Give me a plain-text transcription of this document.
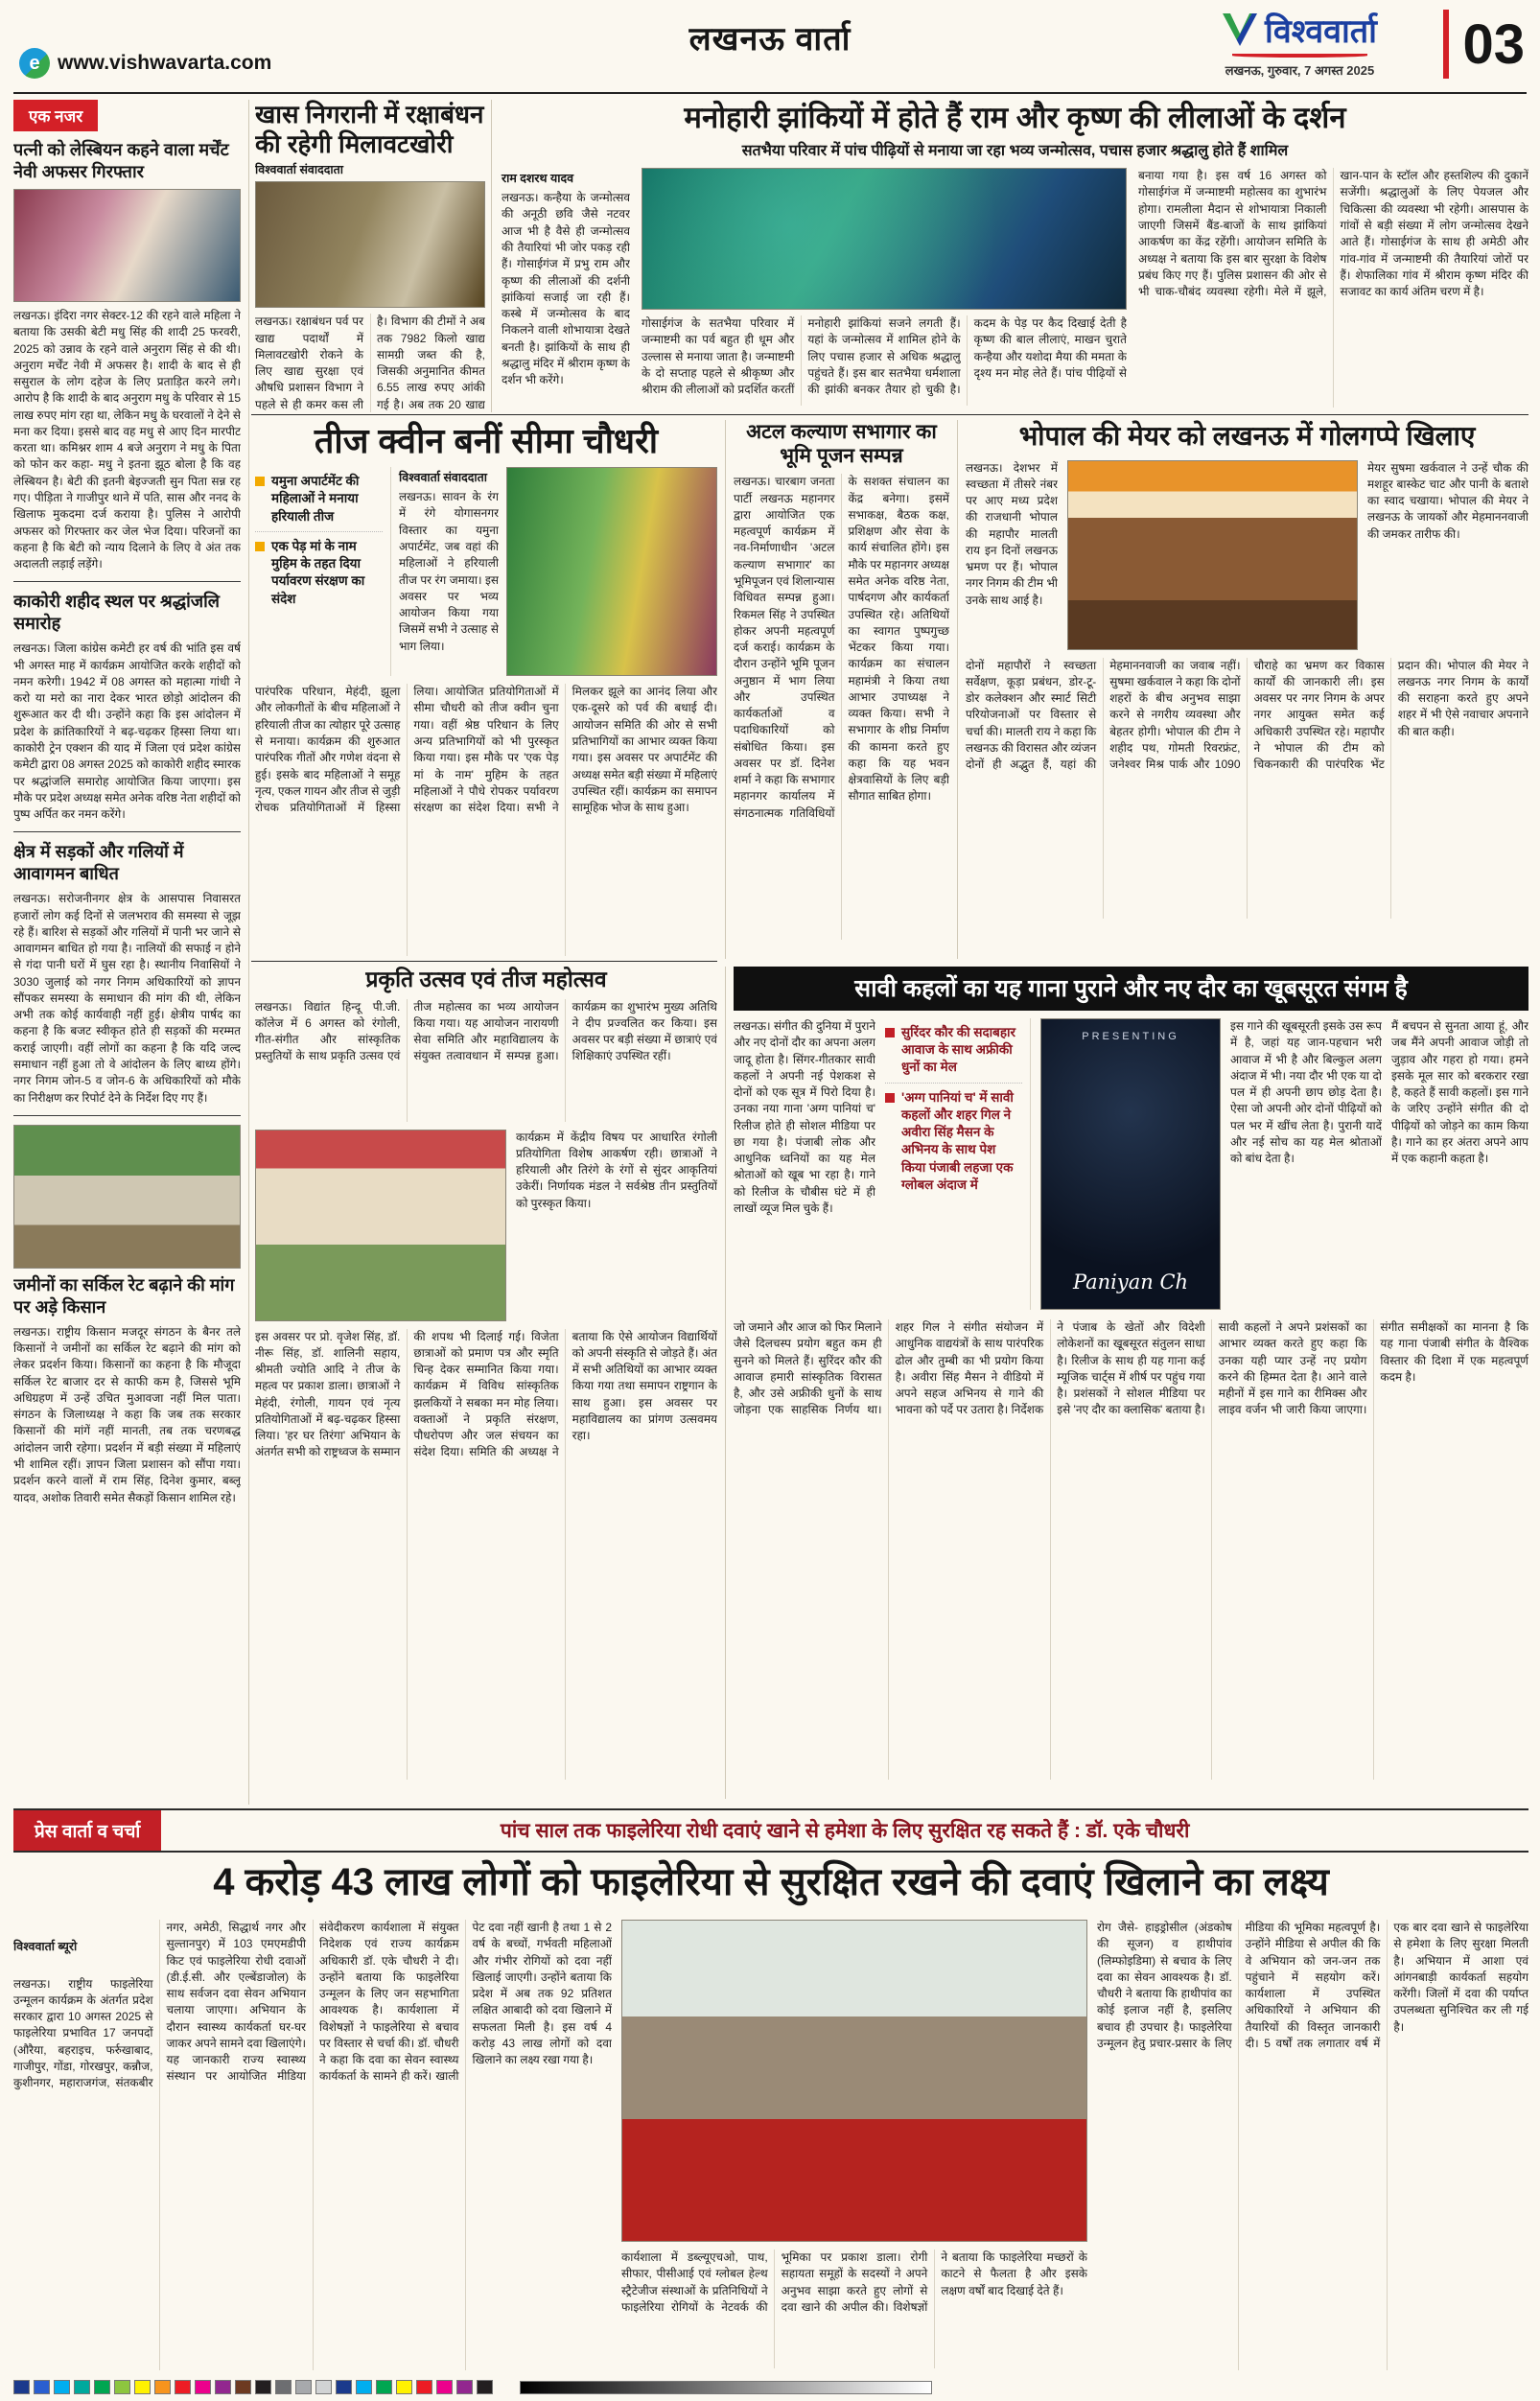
लखनऊ वार्ता
e www.vishwavarta.com
विश्ववार्ता
लखनऊ, गुरुवार, 7 अगस्त 2025	03
एक नजर
पत्नी को लेस्बियन कहने वाला मर्चेंट नेवी अफसर गिरफ्तार

लखनऊ। इंदिरा नगर सेक्टर-12 की रहने वाले महिला ने बताया कि उसकी बेटी मधु सिंह की शादी 25 फरवरी, 2025 को उन्नाव के रहने वाले अनुराग सिंह से की थी। अनुराग मर्चेंट नेवी में अफसर है। शादी के बाद से ही ससुराल के लोग दहेज के लिए प्रताड़ित करने लगे। आरोप है कि शादी के बाद अनुराग मधु के परिवार से 15 लाख रुपए मांग रहा था, लेकिन मधु के घरवालों ने देने से मना कर दिया। इससे बाद वह मधु से आए दिन मारपीट करता था। कमिश्नर शाम 4 बजे अनुराग ने मधु के पिता को फोन कर कहा- मधु ने इतना झूठ बोला है कि वह लेस्बियन है। बेटी की इतनी बेइज्जती सुन पिता सन्न रह गए। पीड़िता ने गाजीपुर थाने में पति, सास और ननद के खिलाफ मुकदमा दर्ज कराया है। पुलिस ने आरोपी अफसर को गिरफ्तार कर जेल भेज दिया। परिजनों का कहना है कि बेटी को न्याय दिलाने के लिए वे अंत तक अदालती लड़ाई लड़ेंगे।

काकोरी शहीद स्थल पर श्रद्धांजलि समारोह

लखनऊ। जिला कांग्रेस कमेटी हर वर्ष की भांति इस वर्ष भी अगस्त माह में कार्यक्रम आयोजित करके शहीदों को नमन करेगी। 1942 में 08 अगस्त को महात्मा गांधी ने करो या मरो का नारा देकर भारत छोड़ो आंदोलन की शुरूआत कर दी थी। उन्होंने कहा कि इस आंदोलन में प्रदेश के क्रांतिकारियों ने बढ़-चढ़कर हिस्सा लिया था। काकोरी ट्रेन एक्शन की याद में जिला एवं प्रदेश कांग्रेस कमेटी द्वारा 08 अगस्त 2025 को काकोरी शहीद स्मारक पर श्रद्धांजलि समारोह आयोजित किया जाएगा। इस मौके पर प्रदेश अध्यक्ष समेत अनेक वरिष्ठ नेता शहीदों को पुष्प अर्पित कर नमन करेंगे।

क्षेत्र में सड़कों और गलियों में आवागमन बाधित

लखनऊ। सरोजनीनगर क्षेत्र के आसपास निवासरत हजारों लोग कई दिनों से जलभराव की समस्या से जूझ रहे हैं। बारिश से सड़कों और गलियों में पानी भर जाने से आवागमन बाधित हो गया है। नालियों की सफाई न होने से गंदा पानी घरों में घुस रहा है। स्थानीय निवासियों ने 3030 जुलाई को नगर निगम अधिकारियों को ज्ञापन सौंपकर समस्या के समाधान की मांग की थी, लेकिन अभी तक कोई कार्यवाही नहीं हुई। क्षेत्रीय पार्षद का कहना है कि बजट स्वीकृत होते ही सड़कों की मरम्मत कराई जाएगी। वहीं लोगों का कहना है कि यदि जल्द समाधान नहीं हुआ तो वे आंदोलन के लिए बाध्य होंगे। नगर निगम जोन-5 व जोन-6 के अधिकारियों को मौके का निरीक्षण कर रिपोर्ट देने के निर्देश दिए गए हैं।

जमीनों का सर्किल रेट बढ़ाने की मांग पर अड़े किसान

लखनऊ। राष्ट्रीय किसान मजदूर संगठन के बैनर तले किसानों ने जमीनों का सर्किल रेट बढ़ाने की मांग को लेकर प्रदर्शन किया। किसानों का कहना है कि मौजूदा सर्किल रेट बाजार दर से काफी कम है, जिससे भूमि अधिग्रहण में उन्हें उचित मुआवजा नहीं मिल पाता। संगठन के जिलाध्यक्ष ने कहा कि जब तक सरकार किसानों की मांगें नहीं मानती, तब तक चरणबद्ध आंदोलन जारी रहेगा। प्रदर्शन में बड़ी संख्या में महिलाएं भी शामिल रहीं। ज्ञापन जिला प्रशासन को सौंपा गया। प्रदर्शन करने वालों में राम सिंह, दिनेश कुमार, बब्लू यादव, अशोक तिवारी समेत सैकड़ों किसान शामिल रहे।

खास निगरानी में रक्षाबंधन की रहेगी मिलावटखोरी
विश्ववार्ता संवाददाता
लखनऊ। रक्षाबंधन पर्व पर खाद्य पदार्थों में मिलावटखोरी रोकने के लिए खाद्य सुरक्षा एवं औषधि प्रशासन विभाग ने पहले से ही कमर कस ली है। विभाग की टीमों ने अब तक 7982 किलो खाद्य सामग्री जब्त की है, जिसकी अनुमानित कीमत 6.55 लाख रुपए आंकी गई है। अब तक 20 खाद्य
मनोहारी झांकियों में होते हैं राम और कृष्ण की लीलाओं के दर्शन
सतभैया परिवार में पांच पीढ़ियों से मनाया जा रहा भव्य जन्मोत्सव, पचास हजार श्रद्धालु होते हैं शामिल
राम दशरथ यादव

लखनऊ। कन्हैया के जन्मोत्सव की अनूठी छवि जैसे नटवर आज भी है वैसे ही जन्मोत्सव की तैयारियां भी जोर पकड़ रही हैं। गोसाईगंज में प्रभु राम और कृष्ण की लीलाओं की दर्शनी झांकियां सजाई जा रही हैं। कस्बे में जन्मोत्सव के बाद निकलने वाली शोभायात्रा देखते बनती है। झांकियों के साथ ही श्रद्धालु मंदिर में श्रीराम कृष्ण के दर्शन भी करेंगे।

गोसाईगंज के सतभैया परिवार में जन्माष्टमी का पर्व बहुत ही धूम और उल्लास से मनाया जाता है। जन्माष्टमी के दो सप्ताह पहले से श्रीकृष्ण और श्रीराम की लीलाओं को प्रदर्शित करतीं मनोहारी झांकियां सजने लगती हैं। यहां के जन्मोत्सव में शामिल होने के लिए पचास हजार से अधिक श्रद्धालु पहुंचते हैं। इस बार सतभैया धर्मशाला की झांकी बनकर तैयार हो चुकी है। कदम के पेड़ पर कैद दिखाई देती है कृष्ण की बाल लीलाएं, माखन चुराते कन्हैया और यशोदा मैया की ममता के दृश्य मन मोह लेते हैं। पांच पीढ़ियों से
बनाया गया है। इस वर्ष 16 अगस्त को गोसाईगंज में जन्माष्टमी महोत्सव का शुभारंभ होगा। रामलीला मैदान से शोभायात्रा निकाली जाएगी जिसमें बैंड-बाजों के साथ झांकियां आकर्षण का केंद्र रहेंगी। आयोजन समिति के अध्यक्ष ने बताया कि इस बार सुरक्षा के विशेष प्रबंध किए गए हैं। पुलिस प्रशासन की ओर से भी चाक-चौबंद व्यवस्था रहेगी। मेले में झूले, खान-पान के स्टॉल और हस्तशिल्प की दुकानें सजेंगी। श्रद्धालुओं के लिए पेयजल और चिकित्सा की व्यवस्था भी रहेगी। आसपास के गांवों से बड़ी संख्या में लोग जन्मोत्सव देखने आते हैं। गोसाईगंज के साथ ही अमेठी और गांव-गांव में जन्माष्टमी की तैयारियां जोरों पर हैं। शेफालिका गांव में श्रीराम कृष्ण मंदिर की सजावट का कार्य अंतिम चरण में है।
तीज क्वीन बनीं सीमा चौधरी
यमुना अपार्टमेंट की महिलाओं ने मनाया हरियाली तीज
एक पेड़ मां के नाम मुहिम के तहत दिया पर्यावरण संरक्षण का संदेश
विश्ववार्ता संवाददाता

लखनऊ। सावन के रंग में रंगे योगासनगर विस्तार का यमुना अपार्टमेंट, जब वहां की महिलाओं ने हरियाली तीज पर रंग जमाया। इस अवसर पर भव्य आयोजन किया गया जिसमें सभी ने उत्साह से भाग लिया।

पारंपरिक परिधान, मेहंदी, झूला और लोकगीतों के बीच महिलाओं ने हरियाली तीज का त्योहार पूरे उत्साह से मनाया। कार्यक्रम की शुरुआत पारंपरिक गीतों और गणेश वंदना से हुई। इसके बाद महिलाओं ने समूह नृत्य, एकल गायन और तीज से जुड़ी रोचक प्रतियोगिताओं में हिस्सा लिया। आयोजित प्रतियोगिताओं में सीमा चौधरी को तीज क्वीन चुना गया। वहीं श्रेष्ठ परिधान के लिए अन्य प्रतिभागियों को भी पुरस्कृत किया गया। इस मौके पर 'एक पेड़ मां के नाम' मुहिम के तहत महिलाओं ने पौधे रोपकर पर्यावरण संरक्षण का संदेश दिया। सभी ने मिलकर झूले का आनंद लिया और एक-दूसरे को पर्व की बधाई दी। आयोजन समिति की ओर से सभी प्रतिभागियों का आभार व्यक्त किया गया। इस अवसर पर अपार्टमेंट की अध्यक्ष समेत बड़ी संख्या में महिलाएं उपस्थित रहीं। कार्यक्रम का समापन सामूहिक भोज के साथ हुआ।
अटल कल्याण सभागार का भूमि पूजन सम्पन्न
लखनऊ। चारबाग जनता पार्टी लखनऊ महानगर द्वारा आयोजित एक महत्वपूर्ण कार्यक्रम में नव-निर्माणाधीन 'अटल कल्याण सभागार' का भूमिपूजन एवं शिलान्यास विधिवत सम्पन्न हुआ। रिकमल सिंह ने उपस्थित होकर अपनी महत्वपूर्ण दर्ज कराई। कार्यक्रम के दौरान उन्होंने भूमि पूजन अनुष्ठान में भाग लिया और उपस्थित कार्यकर्ताओं व पदाधिकारियों को संबोधित किया। इस अवसर पर डॉ. दिनेश शर्मा ने कहा कि सभागार महानगर कार्यालय में संगठनात्मक गतिविधियों के सशक्त संचालन का केंद्र बनेगा। इसमें सभाकक्ष, बैठक कक्ष, प्रशिक्षण और सेवा के कार्य संचालित होंगे। इस मौके पर महानगर अध्यक्ष समेत अनेक वरिष्ठ नेता, पार्षदगण और कार्यकर्ता उपस्थित रहे। अतिथियों का स्वागत पुष्पगुच्छ भेंटकर किया गया। कार्यक्रम का संचालन महामंत्री ने किया तथा आभार उपाध्यक्ष ने व्यक्त किया। सभी ने सभागार के शीघ्र निर्माण की कामना करते हुए कहा कि यह भवन क्षेत्रवासियों के लिए बड़ी सौगात साबित होगा।
भोपाल की मेयर को लखनऊ में गोलगप्पे खिलाए

लखनऊ। देशभर में स्वच्छता में तीसरे नंबर पर आए मध्य प्रदेश की राजधानी भोपाल की महापौर मालती राय इन दिनों लखनऊ भ्रमण पर हैं। भोपाल नगर निगम की टीम भी उनके साथ आई है।

मेयर सुषमा खर्कवाल ने उन्हें चौक की मशहूर बास्केट चाट और पानी के बताशे का स्वाद चखाया। भोपाल की मेयर ने लखनऊ के जायकों और मेहमाननवाजी की जमकर तारीफ की।

दोनों महापौरों ने स्वच्छता सर्वेक्षण, कूड़ा प्रबंधन, डोर-टू-डोर कलेक्शन और स्मार्ट सिटी परियोजनाओं पर विस्तार से चर्चा की। मालती राय ने कहा कि लखनऊ की विरासत और व्यंजन दोनों ही अद्भुत हैं, यहां की मेहमाननवाजी का जवाब नहीं। सुषमा खर्कवाल ने कहा कि दोनों शहरों के बीच अनुभव साझा करने से नगरीय व्यवस्था और बेहतर होगी। भोपाल की टीम ने शहीद पथ, गोमती रिवरफ्रंट, जनेश्वर मिश्र पार्क और 1090 चौराहे का भ्रमण कर विकास कार्यों की जानकारी ली। इस अवसर पर नगर निगम के अपर नगर आयुक्त समेत कई अधिकारी उपस्थित रहे। महापौर ने भोपाल की टीम को चिकनकारी की पारंपरिक भेंट प्रदान की। भोपाल की मेयर ने लखनऊ नगर निगम के कार्यों की सराहना करते हुए अपने शहर में भी ऐसे नवाचार अपनाने की बात कही।
प्रकृति उत्सव एवं तीज महोत्सव
लखनऊ। विद्यांत हिन्दू पी.जी. कॉलेज में 6 अगस्त को रंगोली, गीत-संगीत और सांस्कृतिक प्रस्तुतियों के साथ प्रकृति उत्सव एवं तीज महोत्सव का भव्य आयोजन किया गया। यह आयोजन नारायणी सेवा समिति और महाविद्यालय के संयुक्त तत्वावधान में सम्पन्न हुआ। कार्यक्रम का शुभारंभ मुख्य अतिथि ने दीप प्रज्वलित कर किया। इस अवसर पर बड़ी संख्या में छात्राएं एवं शिक्षिकाएं उपस्थित रहीं।

कार्यक्रम में केंद्रीय विषय पर आधारित रंगोली प्रतियोगिता विशेष आकर्षण रही। छात्राओं ने हरियाली और तिरंगे के रंगों से सुंदर आकृतियां उकेरीं। निर्णायक मंडल ने सर्वश्रेष्ठ तीन प्रस्तुतियों को पुरस्कृत किया।

इस अवसर पर प्रो. वृजेश सिंह, डॉ. नीरू सिंह, डॉ. शालिनी सहाय, श्रीमती ज्योति आदि ने तीज के महत्व पर प्रकाश डाला। छात्राओं ने मेहंदी, रंगोली, गायन एवं नृत्य प्रतियोगिताओं में बढ़-चढ़कर हिस्सा लिया। 'हर घर तिरंगा' अभियान के अंतर्गत सभी को राष्ट्रध्वज के सम्मान की शपथ भी दिलाई गई। विजेता छात्राओं को प्रमाण पत्र और स्मृति चिन्ह देकर सम्मानित किया गया। कार्यक्रम में विविध सांस्कृतिक झलकियों ने सबका मन मोह लिया। वक्ताओं ने प्रकृति संरक्षण, पौधरोपण और जल संचयन का संदेश दिया। समिति की अध्यक्ष ने बताया कि ऐसे आयोजन विद्यार्थियों को अपनी संस्कृति से जोड़ते हैं। अंत में सभी अतिथियों का आभार व्यक्त किया गया तथा समापन राष्ट्रगान के साथ हुआ। इस अवसर पर महाविद्यालय का प्रांगण उत्सवमय रहा।
सावी कहलों का यह गाना पुराने और नए दौर का खूबसूरत संगम है

लखनऊ। संगीत की दुनिया में पुराने और नए दोनों दौर का अपना अलग जादू होता है। सिंगर-गीतकार सावी कहलों ने अपनी नई पेशकश से दोनों को एक सूत्र में पिरो दिया है। उनका नया गाना 'अग्ग पानियां च' रिलीज होते ही सोशल मीडिया पर छा गया है। पंजाबी लोक और आधुनिक ध्वनियों का यह मेल श्रोताओं को खूब भा रहा है। गाने को रिलीज के चौबीस घंटे में ही लाखों व्यूज मिल चुके हैं।

सुरिंदर कौर की सदाबहार आवाज के साथ अफ्रीकी धुनों का मेल
'अग्ग पानियां च' में सावी कहलों और शहर गिल ने अवीरा सिंह मैसन के अभिनय के साथ पेश किया पंजाबी लहजा एक ग्लोबल अंदाज में
PRESENTING
Paniyan Ch

इस गाने की खूबसूरती इसके उस रूप में है, जहां यह जान-पहचान भरी आवाज में भी है और बिल्कुल अलग अंदाज में भी। नया दौर भी एक या दो पल में ही अपनी छाप छोड़ देता है। ऐसा जो अपनी ओर दोनों पीढ़ियों को पल भर में खींच लेता है। पुरानी यादें और नई सोच का यह मेल श्रोताओं को बांध देता है।

मैं बचपन से सुनता आया हूं, और जब मैंने अपनी आवाज जोड़ी तो जुड़ाव और गहरा हो गया। हमने इसके मूल सार को बरकरार रखा है, कहते हैं सावी कहलों। इस गाने के जरिए उन्होंने संगीत की दो पीढ़ियों को जोड़ने का काम किया है। गाने का हर अंतरा अपने आप में एक कहानी कहता है।

जो जमाने और आज को फिर मिलाने जैसे दिलचस्प प्रयोग बहुत कम ही सुनने को मिलते हैं। सुरिंदर कौर की आवाज हमारी सांस्कृतिक विरासत है, और उसे अफ्रीकी धुनों के साथ जोड़ना एक साहसिक निर्णय था। शहर गिल ने संगीत संयोजन में आधुनिक वाद्ययंत्रों के साथ पारंपरिक ढोल और तुम्बी का भी प्रयोग किया है। अवीरा सिंह मैसन ने वीडियो में अपने सहज अभिनय से गाने की भावना को पर्दे पर उतारा है। निर्देशक ने पंजाब के खेतों और विदेशी लोकेशनों का खूबसूरत संतुलन साधा है। रिलीज के साथ ही यह गाना कई म्यूजिक चार्ट्स में शीर्ष पर पहुंच गया है। प्रशंसकों ने सोशल मीडिया पर इसे 'नए दौर का क्लासिक' बताया है। सावी कहलों ने अपने प्रशंसकों का आभार व्यक्त करते हुए कहा कि उनका यही प्यार उन्हें नए प्रयोग करने की हिम्मत देता है। आने वाले महीनों में इस गाने का रीमिक्स और लाइव वर्जन भी जारी किया जाएगा। संगीत समीक्षकों का मानना है कि यह गाना पंजाबी संगीत के वैश्विक विस्तार की दिशा में एक महत्वपूर्ण कदम है।
प्रेस वार्ता व चर्चा	पांच साल तक फाइलेरिया रोधी दवाएं खाने से हमेशा के लिए सुरक्षित रह सकते हैं : डॉ. एके चौधरी
4 करोड़ 43 लाख लोगों को फाइलेरिया से सुरक्षित रखने की दवाएं खिलाने का लक्ष्य

विश्ववार्ता ब्यूरो

लखनऊ। राष्ट्रीय फाइलेरिया उन्मूलन कार्यक्रम के अंतर्गत प्रदेश सरकार द्वारा 10 अगस्त 2025 से फाइलेरिया प्रभावित 17 जनपदों (औरैया, बहराइच, फर्रुखाबाद, गाजीपुर, गोंडा, गोरखपुर, कन्नौज, कुशीनगर, महाराजगंज, संतकबीर नगर, अमेठी, सिद्धार्थ नगर और सुल्तानपुर) में 103 एमएमडीपी किट एवं फाइलेरिया रोधी दवाओं (डी.ई.सी. और एल्बेंडाजोल) के साथ सर्वजन दवा सेवन अभियान चलाया जाएगा। अभियान के दौरान स्वास्थ्य कार्यकर्ता घर-घर जाकर अपने सामने दवा खिलाएंगे। यह जानकारी राज्य स्वास्थ्य संस्थान पर आयोजित मीडिया संवेदीकरण कार्यशाला में संयुक्त निदेशक एवं राज्य कार्यक्रम अधिकारी डॉ. एके चौधरी ने दी। उन्होंने बताया कि फाइलेरिया उन्मूलन के लिए जन सहभागिता आवश्यक है। कार्यशाला में विशेषज्ञों ने फाइलेरिया से बचाव पर विस्तार से चर्चा की। डॉ. चौधरी ने कहा कि दवा का सेवन स्वास्थ्य कार्यकर्ता के सामने ही करें। खाली पेट दवा नहीं खानी है तथा 1 से 2 वर्ष के बच्चों, गर्भवती महिलाओं और गंभीर रोगियों को दवा नहीं खिलाई जाएगी। उन्होंने बताया कि प्रदेश में अब तक 92 प्रतिशत लक्षित आबादी को दवा खिलाने में सफलता मिली है। इस वर्ष 4 करोड़ 43 लाख लोगों को दवा खिलाने का लक्ष्य रखा गया है।

कार्यशाला में डब्ल्यूएचओ, पाथ, सीफार, पीसीआई एवं ग्लोबल हेल्थ स्ट्रैटेजीज संस्थाओं के प्रतिनिधियों ने फाइलेरिया रोगियों के नेटवर्क की भूमिका पर प्रकाश डाला। रोगी सहायता समूहों के सदस्यों ने अपने अनुभव साझा करते हुए लोगों से दवा खाने की अपील की। विशेषज्ञों ने बताया कि फाइलेरिया मच्छरों के काटने से फैलता है और इसके लक्षण वर्षों बाद दिखाई देते हैं।
रोग जैसे- हाइड्रोसील (अंडकोष की सूजन) व हाथीपांव (लिम्फोइडिमा) से बचाव के लिए दवा का सेवन आवश्यक है। डॉ. चौधरी ने बताया कि हाथीपांव का कोई इलाज नहीं है, इसलिए बचाव ही उपचार है। फाइलेरिया उन्मूलन हेतु प्रचार-प्रसार के लिए मीडिया की भूमिका महत्वपूर्ण है। उन्होंने मीडिया से अपील की कि वे अभियान को जन-जन तक पहुंचाने में सहयोग करें। कार्यशाला में उपस्थित अधिकारियों ने अभियान की तैयारियों की विस्तृत जानकारी दी। 5 वर्षों तक लगातार वर्ष में एक बार दवा खाने से फाइलेरिया से हमेशा के लिए सुरक्षा मिलती है। अभियान में आशा एवं आंगनबाड़ी कार्यकर्ता सहयोग करेंगी। जिलों में दवा की पर्याप्त उपलब्धता सुनिश्चित कर ली गई है।
